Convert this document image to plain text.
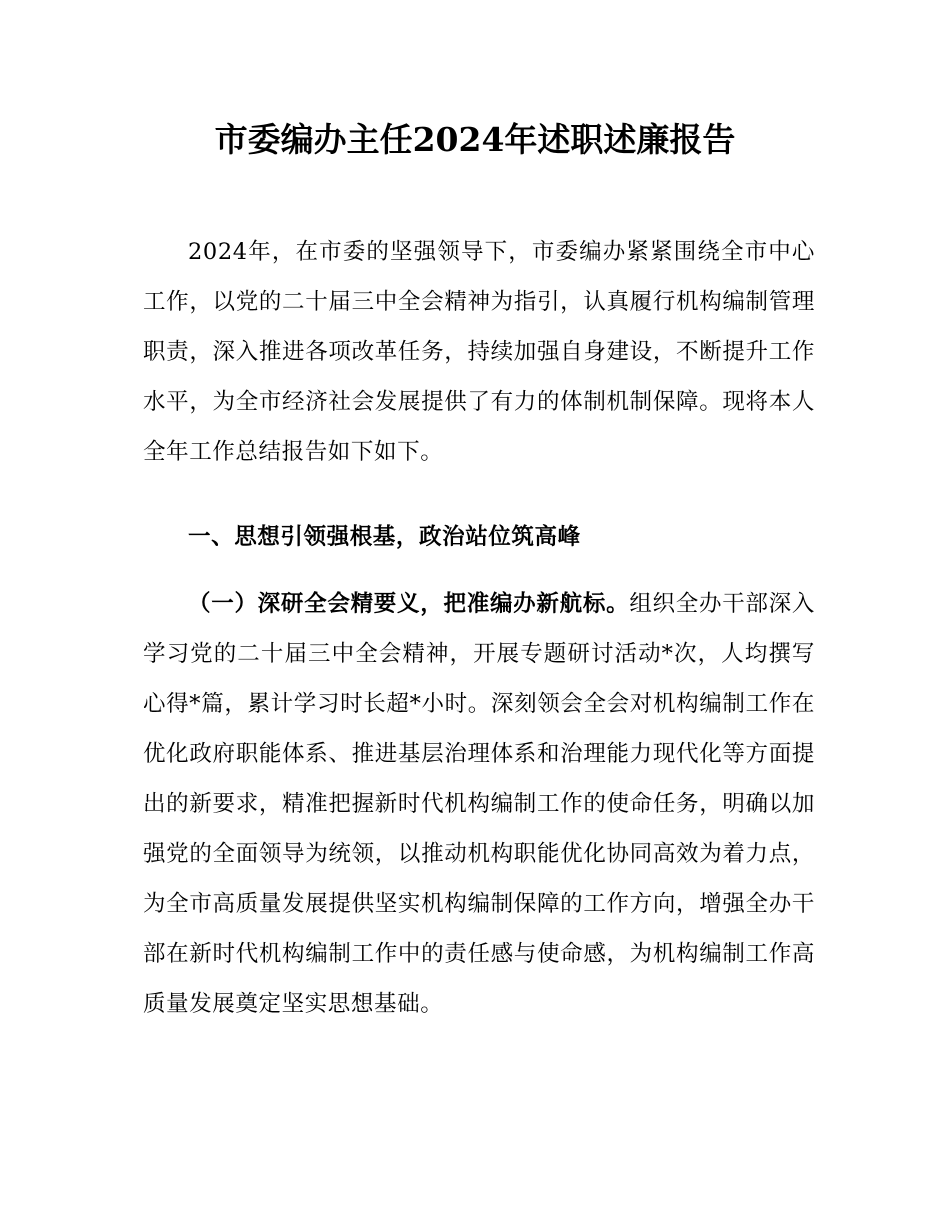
市委编办主任2024年述职述廉报告

2024年，在市委的坚强领导下，市委编办紧紧围绕全市中心工作，以党的二十届三中全会精神为指引，认真履行机构编制管理职责，深入推进各项改革任务，持续加强自身建设，不断提升工作水平，为全市经济社会发展提供了有力的体制机制保障。现将本人全年工作总结报告如下如下。

一、思想引领强根基，政治站位筑高峰

（一）深研全会精要义，把准编办新航标。组织全办干部深入学习党的二十届三中全会精神，开展专题研讨活动*次，人均撰写心得*篇，累计学习时长超*小时。深刻领会全会对机构编制工作在优化政府职能体系、推进基层治理体系和治理能力现代化等方面提出的新要求，精准把握新时代机构编制工作的使命任务，明确以加强党的全面领导为统领，以推动机构职能优化协同高效为着力点，为全市高质量发展提供坚实机构编制保障的工作方向，增强全办干部在新时代机构编制工作中的责任感与使命感，为机构编制工作高质量发展奠定坚实思想基础。
